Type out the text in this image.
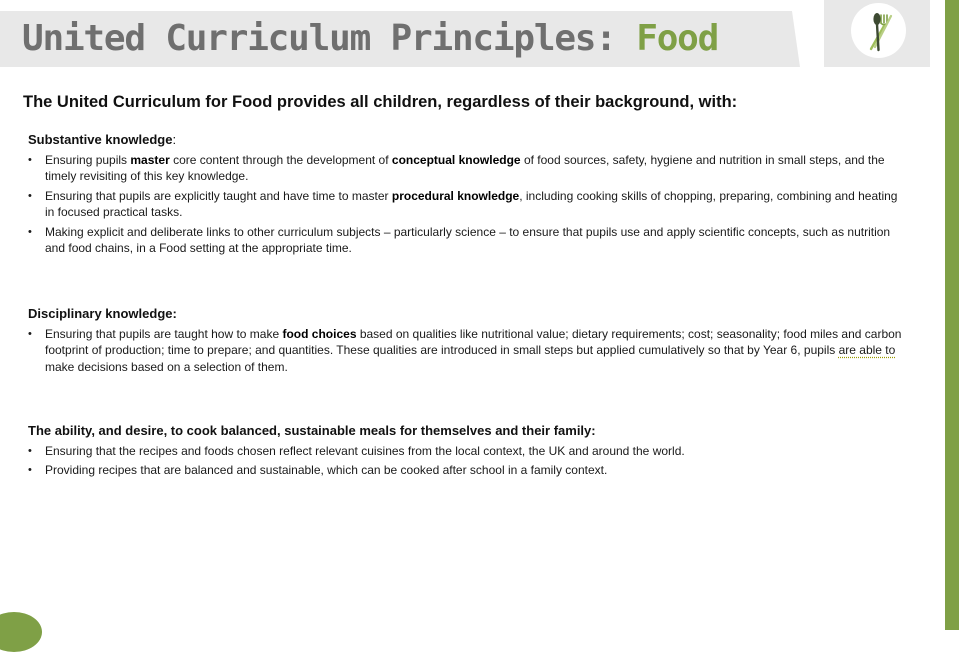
United Curriculum Principles: Food

The United Curriculum for Food provides all children, regardless of their background, with:

Substantive knowledge:

• Ensuring pupils master core content through the development of conceptual knowledge of food sources, safety, hygiene and nutrition in small steps, and the timely revisiting of this key knowledge.
• Ensuring that pupils are explicitly taught and have time to master procedural knowledge, including cooking skills of chopping, preparing, combining and heating in focused practical tasks.
• Making explicit and deliberate links to other curriculum subjects – particularly science – to ensure that pupils use and apply scientific concepts, such as nutrition and food chains, in a Food setting at the appropriate time.

Disciplinary knowledge:

• Ensuring that pupils are taught how to make food choices based on qualities like nutritional value; dietary requirements; cost; seasonality; food miles and carbon footprint of production; time to prepare; and quantities. These qualities are introduced in small steps but applied cumulatively so that by Year 6, pupils are able to make decisions based on a selection of them.

The ability, and desire, to cook balanced, sustainable meals for themselves and their family:

• Ensuring that the recipes and foods chosen reflect relevant cuisines from the local context, the UK and around the world.
• Providing recipes that are balanced and sustainable, which can be cooked after school in a family context.
